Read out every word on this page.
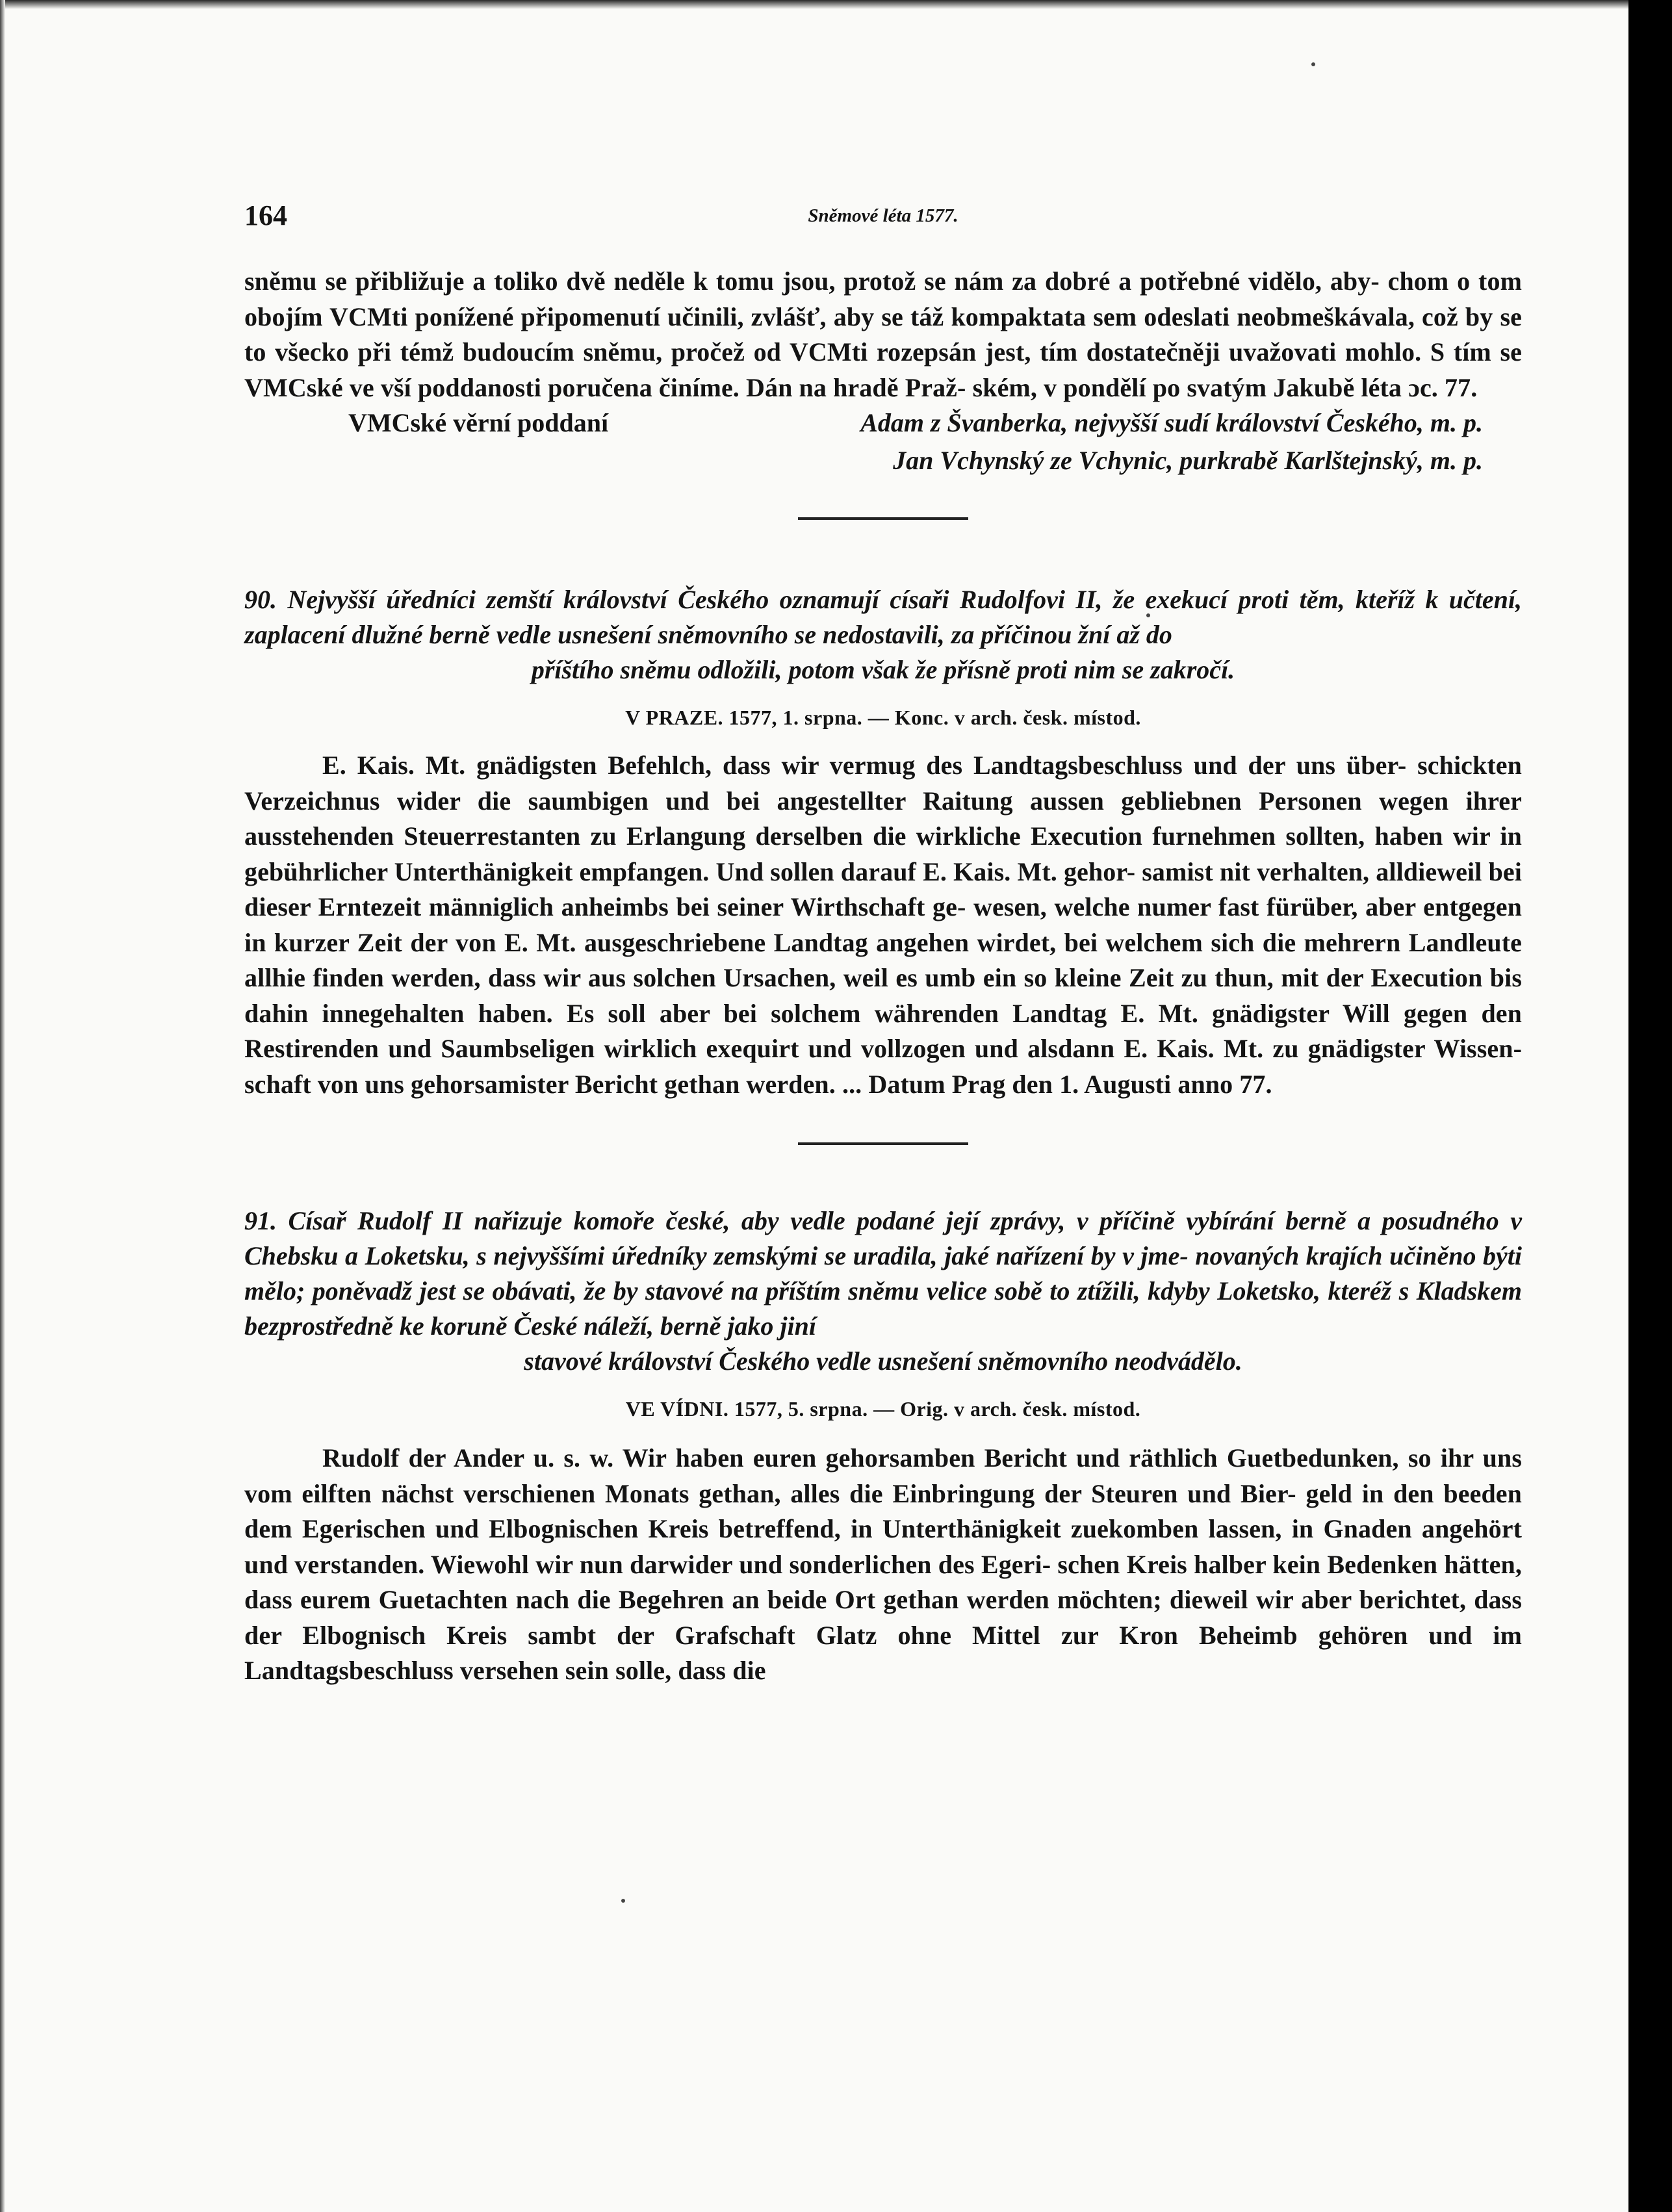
164	Sněmové léta 1577.

sněmu se přibližuje a toliko dvě neděle k tomu jsou, protož se nám za dobré a potřebné vidělo, aby- chom o tom obojím VCMti ponížené připomenutí učinili, zvlášť, aby se táž kompaktata sem odeslati neobmeškávala, což by se to všecko při témž budoucím sněmu, pročež od VCMti rozepsán jest, tím dostatečněji uvažovati mohlo. S tím se VMCské ve vší poddanosti poručena činíme. Dán na hradě Praž- ském, v pondělí po svatým Jakubě léta ɔc. 77.

VMCské věrní poddaní	Adam z Švanberka, nejvyšší sudí království Českého, m. p.
Jan Vchynský ze Vchynic, purkrabě Karlštejnský, m. p.

90. Nejvyšší úředníci zemští království Českého oznamují císaři Rudolfovi II, že exekucí proti těm, kteříž k učtení, zaplacení dlužné berně vedle usnešení sněmovního se nedostavili, za příčinou žní až do

příštího sněmu odložili, potom však že přísně proti nim se zakročí.

V PRAZE. 1577, 1. srpna. — Konc. v arch. česk. místod.

E. Kais. Mt. gnädigsten Befehlch, dass wir vermug des Landtagsbeschluss und der uns über- schickten Verzeichnus wider die saumbigen und bei angestellter Raitung aussen gebliebnen Personen wegen ihrer ausstehenden Steuerrestanten zu Erlangung derselben die wirkliche Execution furnehmen sollten, haben wir in gebührlicher Unterthänigkeit empfangen. Und sollen darauf E. Kais. Mt. gehor- samist nit verhalten, alldieweil bei dieser Erntezeit männiglich anheimbs bei seiner Wirthschaft ge- wesen, welche numer fast fürüber, aber entgegen in kurzer Zeit der von E. Mt. ausgeschriebene Landtag angehen wirdet, bei welchem sich die mehrern Landleute allhie finden werden, dass wir aus solchen Ursachen, weil es umb ein so kleine Zeit zu thun, mit der Execution bis dahin innegehalten haben. Es soll aber bei solchem währenden Landtag E. Mt. gnädigster Will gegen den Restirenden und Saumbseligen wirklich exequirt und vollzogen und alsdann E. Kais. Mt. zu gnädigster Wissen- schaft von uns gehorsamister Bericht gethan werden. ... Datum Prag den 1. Augusti anno 77.

91. Císař Rudolf II nařizuje komoře české, aby vedle podané její zprávy, v příčině vybírání berně a posudného v Chebsku a Loketsku, s nejvyššími úředníky zemskými se uradila, jaké nařízení by v jme- novaných krajích učiněno býti mělo; poněvadž jest se obávati, že by stavové na příštím sněmu velice sobě to ztížili, kdyby Loketsko, kteréž s Kladskem bezprostředně ke koruně České náleží, berně jako jiní

stavové království Českého vedle usnešení sněmovního neodvádělo.

VE VÍDNI. 1577, 5. srpna. — Orig. v arch. česk. místod.

Rudolf der Ander u. s. w. Wir haben euren gehorsamben Bericht und räthlich Guetbedunken, so ihr uns vom eilften nächst verschienen Monats gethan, alles die Einbringung der Steuren und Bier- geld in den beeden dem Egerischen und Elbognischen Kreis betreffend, in Unterthänigkeit zuekomben lassen, in Gnaden angehört und verstanden. Wiewohl wir nun darwider und sonderlichen des Egeri- schen Kreis halber kein Bedenken hätten, dass eurem Guetachten nach die Begehren an beide Ort gethan werden möchten; dieweil wir aber berichtet, dass der Elbognisch Kreis sambt der Grafschaft Glatz ohne Mittel zur Kron Beheimb gehören und im Landtagsbeschluss versehen sein solle, dass die
